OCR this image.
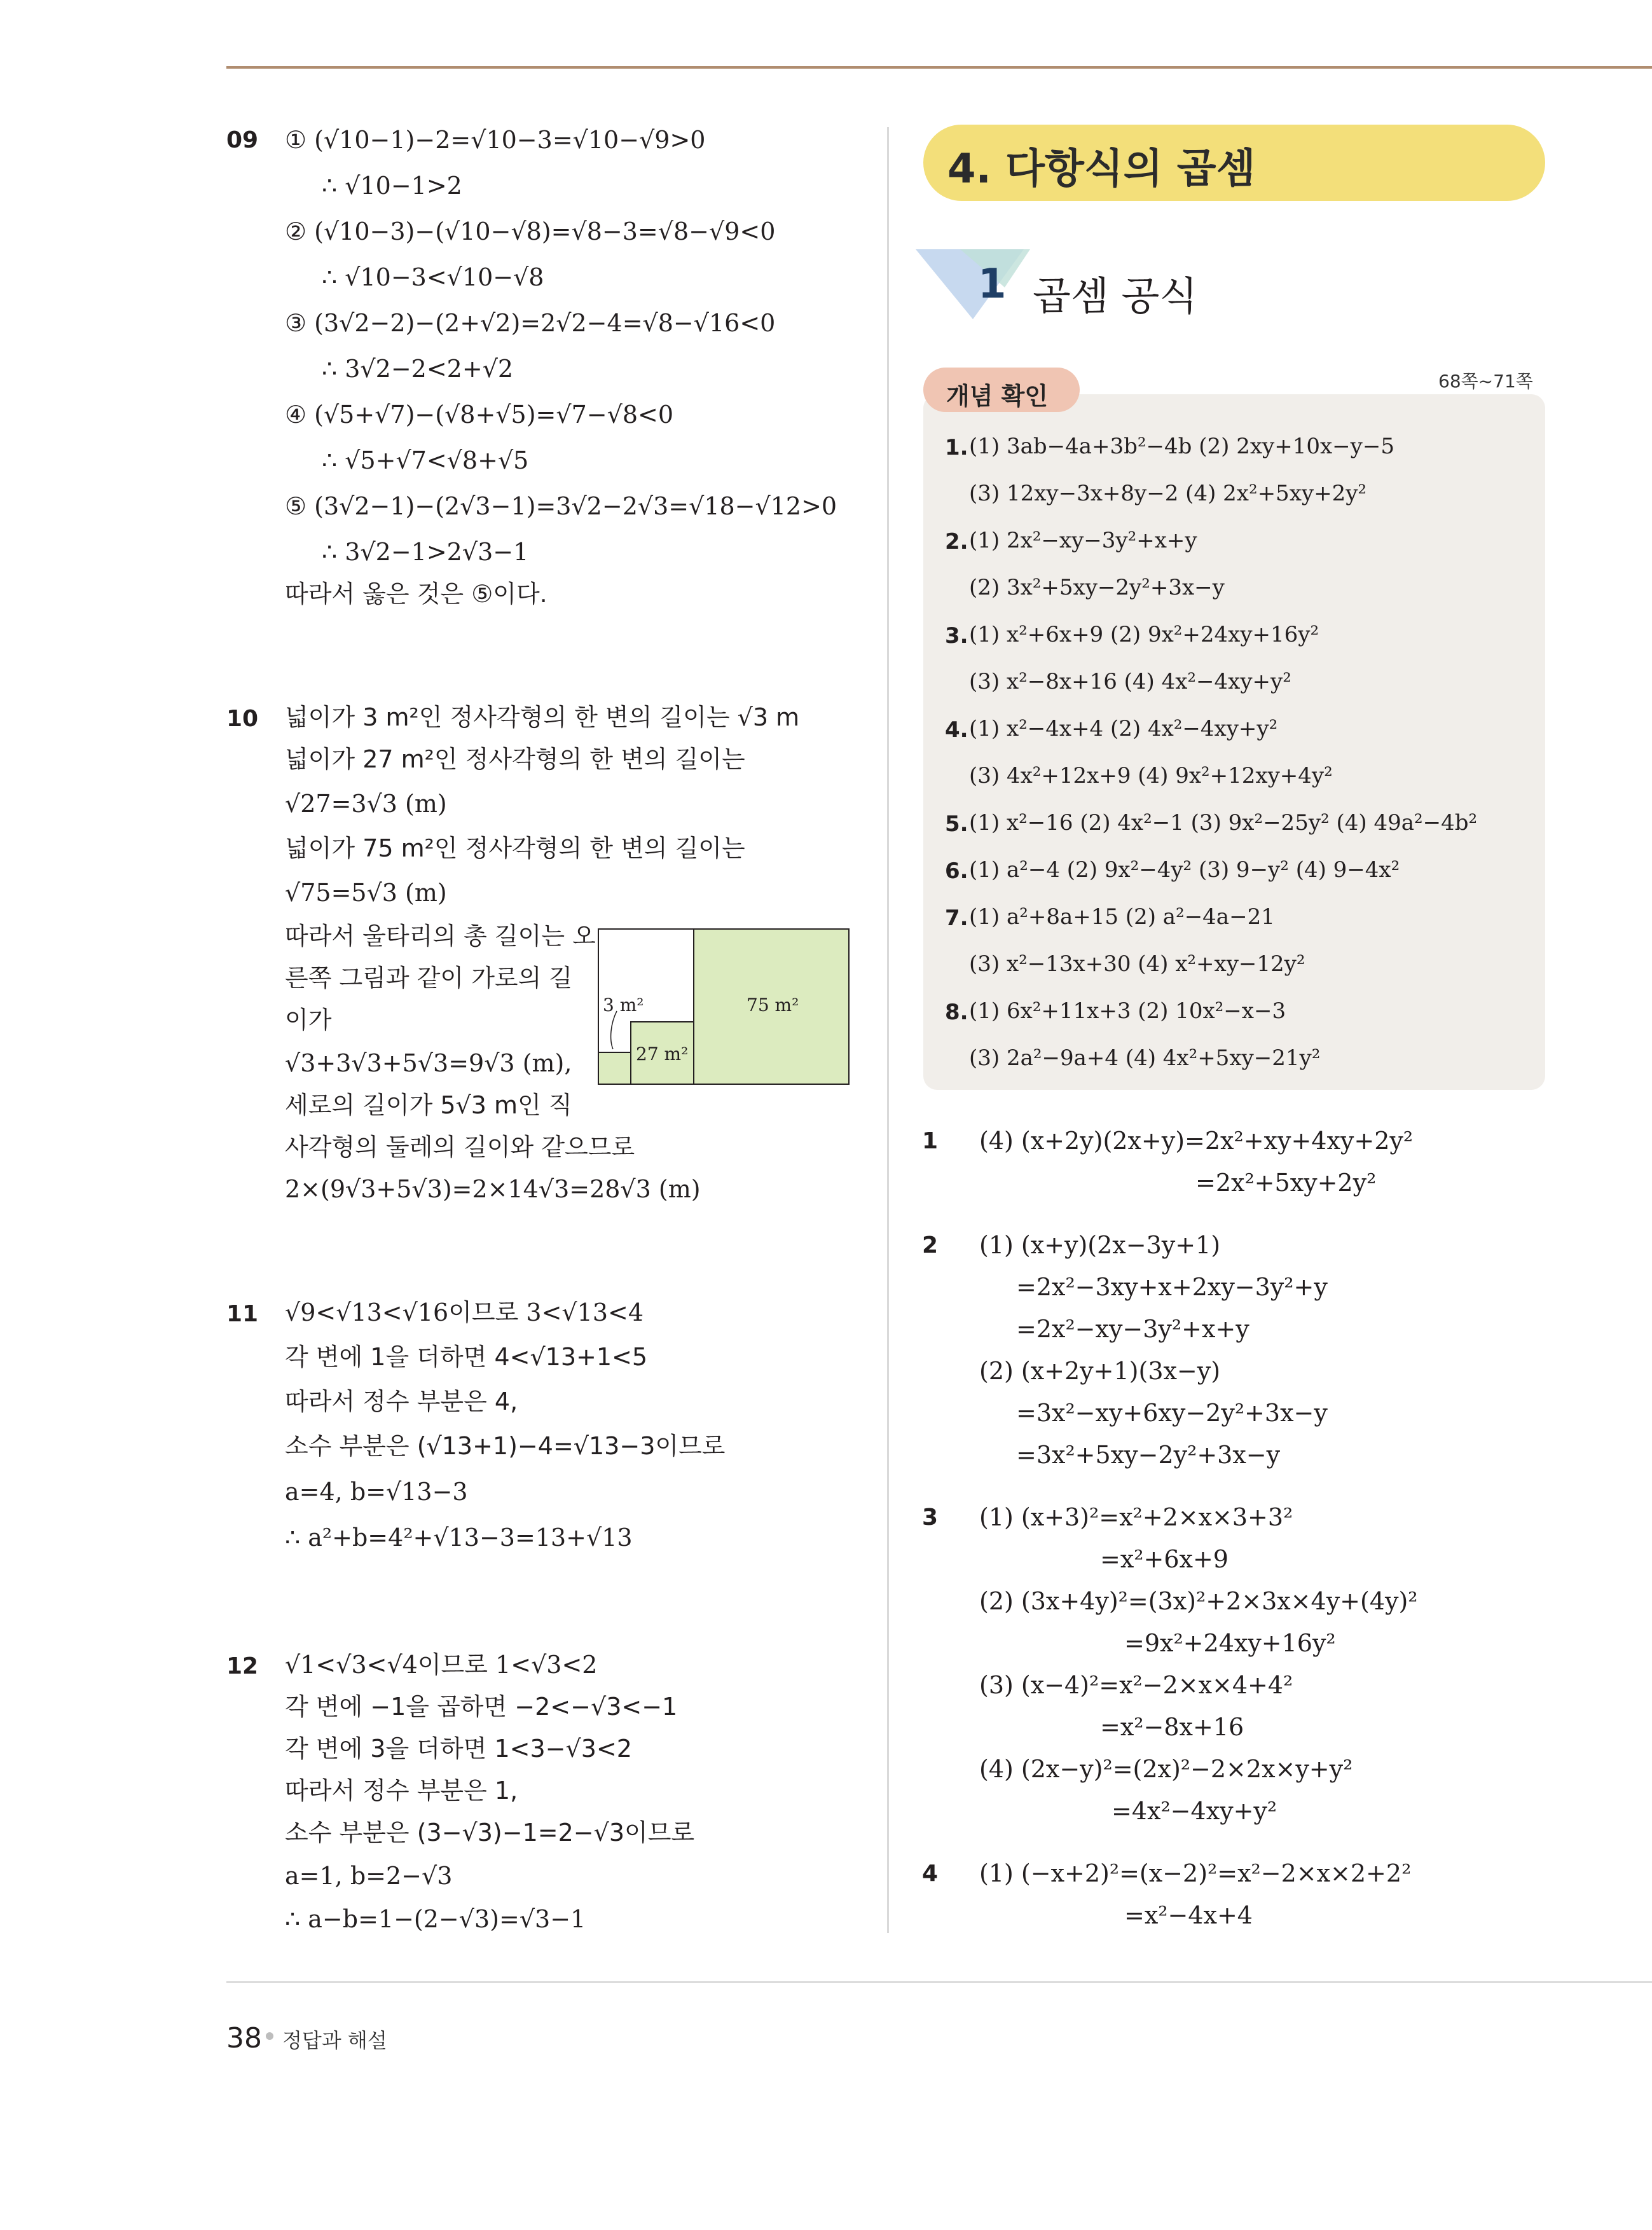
09 ① (√10−1)−2=√10−3=√10−√9>0
∴ √10−1>2
② (√10−3)−(√10−√8)=√8−3=√8−√9<0
∴ √10−3<√10−√8
③ (3√2−2)−(2+√2)=2√2−4=√8−√16<0
∴ 3√2−2<2+√2
④ (√5+√7)−(√8+√5)=√7−√8<0
∴ √5+√7<√8+√5
⑤ (3√2−1)−(2√3−1)=3√2−2√3=√18−√12>0
∴ 3√2−1>2√3−1
따라서 옳은 것은 ⑤이다.
10 넓이가 3 m²인 정사각형의 한 변의 길이는 √3 m
넓이가 27 m²인 정사각형의 한 변의 길이는
√27=3√3 (m)
넓이가 75 m²인 정사각형의 한 변의 길이는
√75=5√3 (m)
따라서 울타리의 총 길이는 오
른쪽 그림과 같이 가로의 길
이가
√3+3√3+5√3=9√3 (m),
세로의 길이가 5√3 m인 직
사각형의 둘레의 길이와 같으므로
2×(9√3+5√3)=2×14√3=28√3 (m)
3 m²
27 m²
75 m²
11 √9<√13<√16이므로 3<√13<4
각 변에 1을 더하면 4<√13+1<5
따라서 정수 부분은 4,
소수 부분은 (√13+1)−4=√13−3이므로
a=4, b=√13−3
∴ a²+b=4²+√13−3=13+√13
12 √1<√3<√4이므로 1<√3<2
각 변에 −1을 곱하면 −2<−√3<−1
각 변에 3을 더하면 1<3−√3<2
따라서 정수 부분은 1,
소수 부분은 (3−√3)−1=2−√3이므로
a=1, b=2−√3
∴ a−b=1−(2−√3)=√3−1
4. 다항식의 곱셈
1 곱셈 공식
68쪽~71쪽
개념 확인
1. (1) 3ab−4a+3b²−4b (2) 2xy+10x−y−5
(3) 12xy−3x+8y−2 (4) 2x²+5xy+2y²
2. (1) 2x²−xy−3y²+x+y
(2) 3x²+5xy−2y²+3x−y
3. (1) x²+6x+9 (2) 9x²+24xy+16y²
(3) x²−8x+16 (4) 4x²−4xy+y²
4. (1) x²−4x+4 (2) 4x²−4xy+y²
(3) 4x²+12x+9 (4) 9x²+12xy+4y²
5. (1) x²−16 (2) 4x²−1 (3) 9x²−25y² (4) 49a²−4b²
6. (1) a²−4 (2) 9x²−4y² (3) 9−y² (4) 9−4x²
7. (1) a²+8a+15 (2) a²−4a−21
(3) x²−13x+30 (4) x²+xy−12y²
8. (1) 6x²+11x+3 (2) 10x²−x−3
(3) 2a²−9a+4 (4) 4x²+5xy−21y²
1 (4) (x+2y)(2x+y)=2x²+xy+4xy+2y²
=2x²+5xy+2y²
2 (1) (x+y)(2x−3y+1)
=2x²−3xy+x+2xy−3y²+y
=2x²−xy−3y²+x+y
(2) (x+2y+1)(3x−y)
=3x²−xy+6xy−2y²+3x−y
=3x²+5xy−2y²+3x−y
3 (1) (x+3)²=x²+2×x×3+3²
=x²+6x+9
(2) (3x+4y)²=(3x)²+2×3x×4y+(4y)²
=9x²+24xy+16y²
(3) (x−4)²=x²−2×x×4+4²
=x²−8x+16
(4) (2x−y)²=(2x)²−2×2x×y+y²
=4x²−4xy+y²
4 (1) (−x+2)²=(x−2)²=x²−2×x×2+2²
=x²−4x+4
38 정답과 해설
